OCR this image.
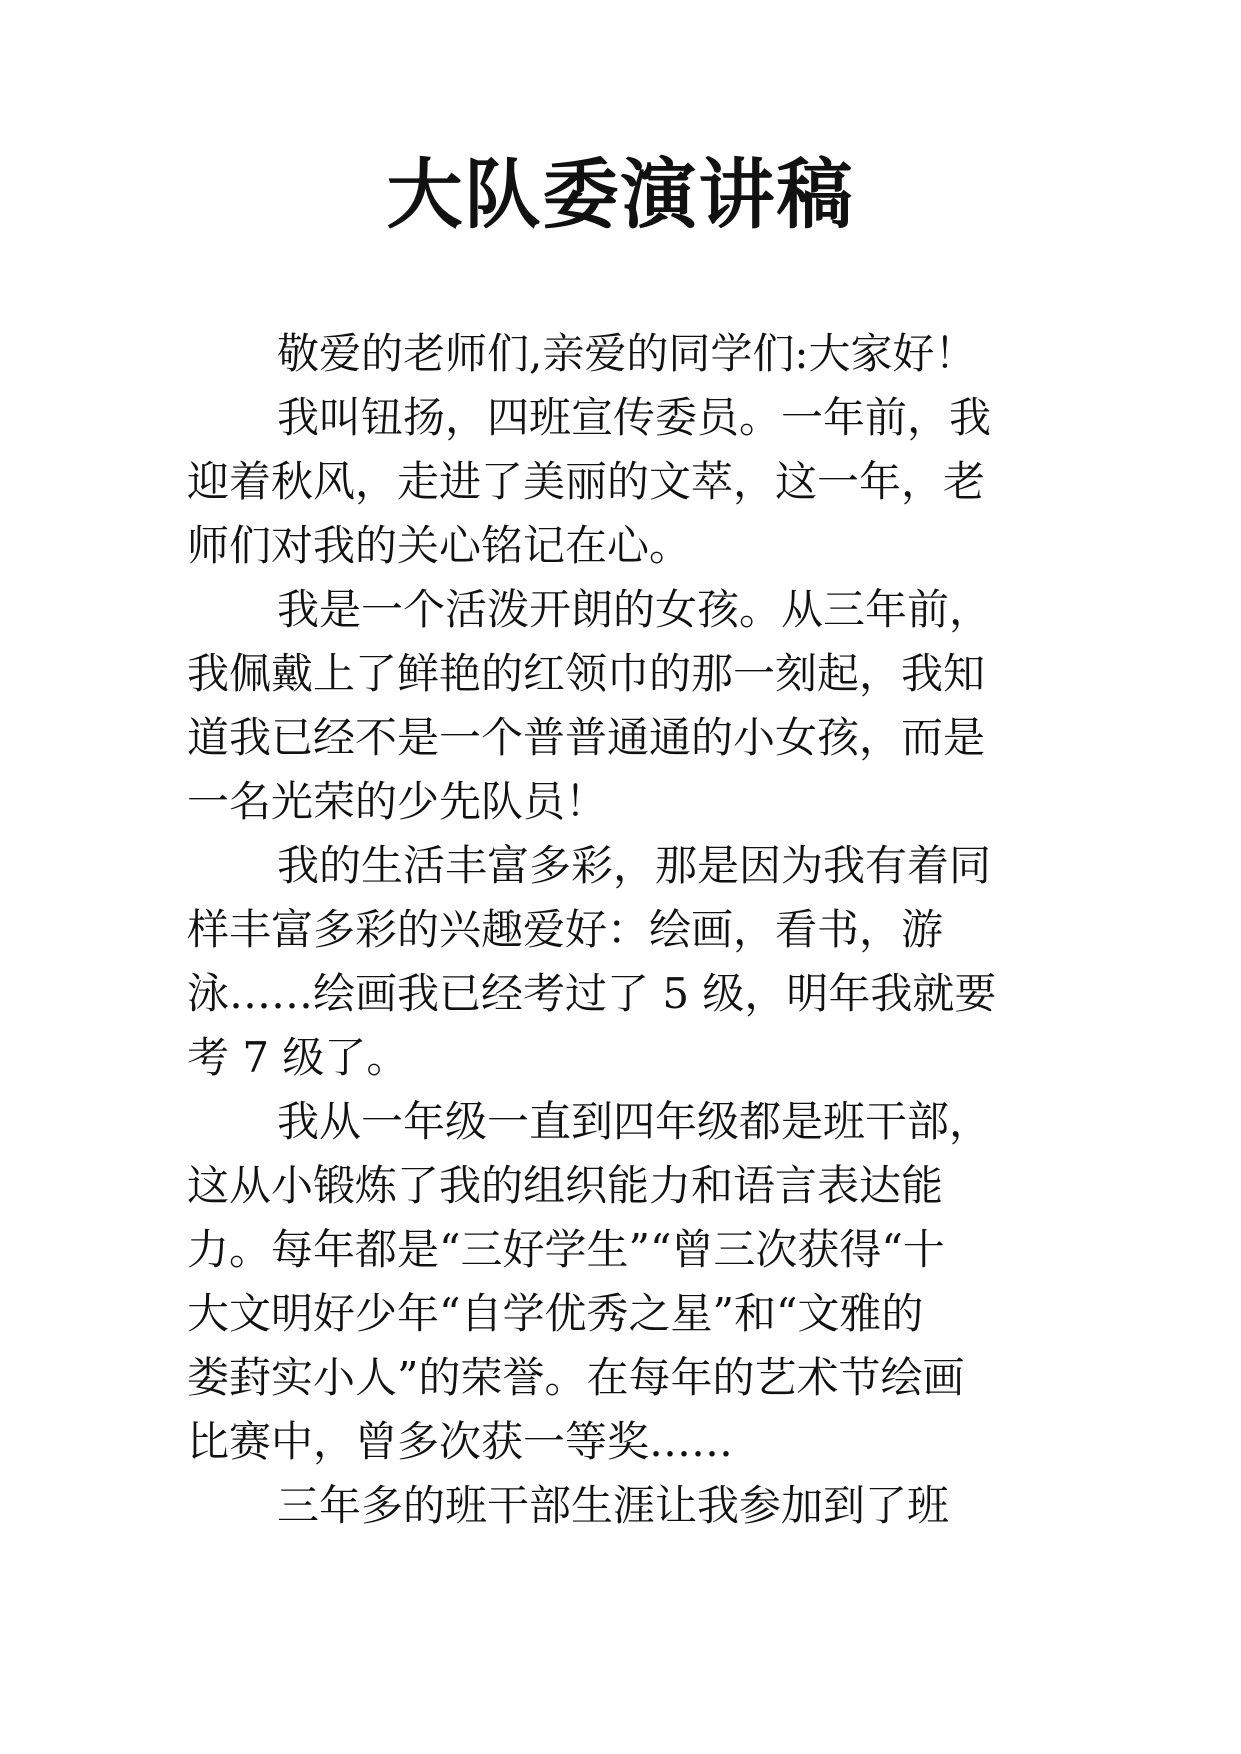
大队委演讲稿
敬爱的老师们,亲爱的同学们:大家好！
我叫钮扬，四班宣传委员。一年前，我
迎着秋风，走进了美丽的文萃，这一年，老
师们对我的关心铭记在心。
我是一个活泼开朗的女孩。从三年前，
我佩戴上了鲜艳的红领巾的那一刻起，我知
道我已经不是一个普普通通的小女孩，而是
一名光荣的少先队员！
我的生活丰富多彩，那是因为我有着同
样丰富多彩的兴趣爱好：绘画，看书，游
泳……绘画我已经考过了 5 级，明年我就要
考 7 级了。
我从一年级一直到四年级都是班干部，
这从小锻炼了我的组织能力和语言表达能
力。每年都是“三好学生”“曾三次获得“十
大文明好少年“自学优秀之星”和“文雅的
娄葑实小人”的荣誉。在每年的艺术节绘画
比赛中，曾多次获一等奖……
三年多的班干部生涯让我参加到了班
